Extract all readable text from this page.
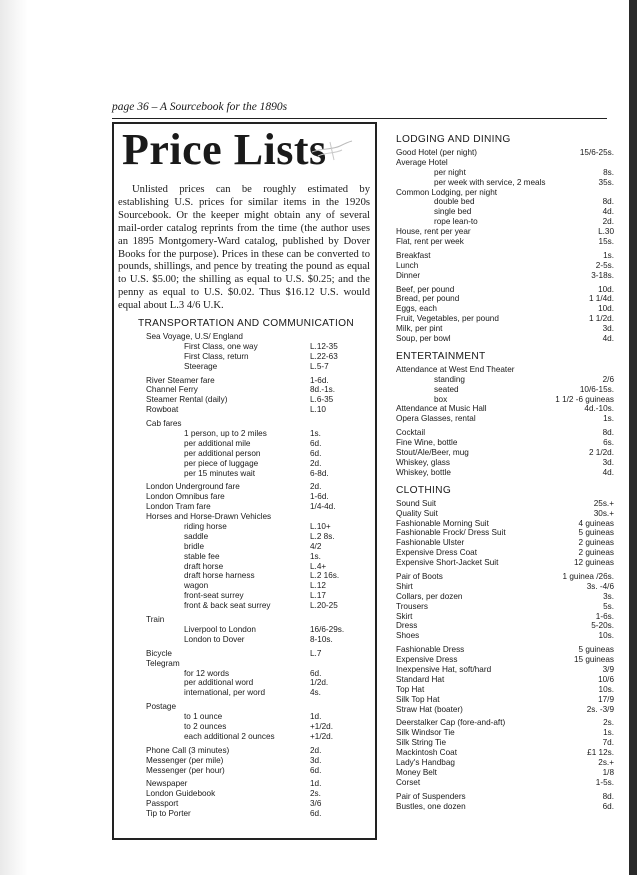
page 36 – A Sourcebook for the 1890s
Price Lists
Unlisted prices can be roughly estimated by establishing U.S. prices for similar items in the 1920s Sourcebook. Or the keeper might obtain any of several mail-order catalog reprints from the time (the author uses an 1895 Montgomery-Ward catalog, published by Dover Books for the purpose). Prices in these can be converted to pounds, shillings, and pence by treating the pound as equal to U.S. $5.00; the shilling as equal to U.S. $0.25; and the penny as equal to U.S. $0.02. Thus $16.12 U.S. would equal about L.3 4/6 U.K.
TRANSPORTATION AND COMMUNICATION
Sea Voyage, U.S/ England
First Class, one way	L.12-35
First Class, return	L.22-63
Steerage	L.5-7
River Steamer fare	1-6d.
Channel Ferry	8d.-1s.
Steamer Rental (daily)	L.6-35
Rowboat	L.10
Cab fares
1 person, up to 2 miles	1s.
per additional mile	6d.
per additional person	6d.
per piece of luggage	2d.
per 15 minutes wait	6-8d.
London Underground fare	2d.
London Omnibus fare	1-6d.
London Tram fare	1/4-4d.
Horses and Horse-Drawn Vehicles
riding horse	L.10+
saddle	L.2 8s.
bridle	4/2
stable fee	1s.
draft horse	L.4+
draft horse harness	L.2 16s.
wagon	L.12
front-seat surrey	L.17
front & back seat surrey	L.20-25
Train
Liverpool to London	16/6-29s.
London to Dover	8-10s.
Bicycle	L.7
Telegram
for 12 words	6d.
per additional word	1/2d.
international, per word	4s.
Postage
to 1 ounce	1d.
to 2 ounces	+1/2d.
each additional 2 ounces	+1/2d.
Phone Call (3 minutes)	2d.
Messenger (per mile)	3d.
Messenger (per hour)	6d.
Newspaper	1d.
London Guidebook	2s.
Passport	3/6
Tip to Porter	6d.
LODGING AND DINING
Good Hotel (per night)	15/6-25s.
Average Hotel
per night	8s.
per week with service, 2 meals	35s.
Common Lodging, per night
double bed	8d.
single bed	4d.
rope lean-to	2d.
House, rent per year	L.30
Flat, rent per week	15s.
Breakfast	1s.
Lunch	2-5s.
Dinner	3-18s.
Beef, per pound	10d.
Bread, per pound	1 1/4d.
Eggs, each	10d.
Fruit, Vegetables, per pound	1 1/2d.
Milk, per pint	3d.
Soup, per bowl	4d.
ENTERTAINMENT
Attendance at West End Theater
standing	2/6
seated	10/6-15s.
box	1 1/2 -6 guineas
Attendance at Music Hall	4d.-10s.
Opera Glasses, rental	1s.
Cocktail	8d.
Fine Wine, bottle	6s.
Stout/Ale/Beer, mug	2 1/2d.
Whiskey, glass	3d.
Whiskey, bottle	4d.
CLOTHING
Sound Suit	25s.+
Quality Suit	30s.+
Fashionable Morning Suit	4 guineas
Fashionable Frock/ Dress Suit	5 guineas
Fashionable Ulster	2 guineas
Expensive Dress Coat	2 guineas
Expensive Short-Jacket Suit	12 guineas
Pair of Boots	1 guinea /26s.
Shirt	3s. -4/6
Collars, per dozen	3s.
Trousers	5s.
Skirt	1-6s.
Dress	5-20s.
Shoes	10s.
Fashionable Dress	5 guineas
Expensive Dress	15 guineas
Inexpensive Hat, soft/hard	3/9
Standard Hat	10/6
Top Hat	10s.
Silk Top Hat	17/9
Straw Hat (boater)	2s. -3/9
Deerstalker Cap (fore-and-aft)	2s.
Silk Windsor Tie	1s.
Silk String Tie	7d.
Mackintosh Coat	£1 12s.
Lady's Handbag	2s.+
Money Belt	1/8
Corset	1-5s.
Pair of Suspenders	8d.
Bustles, one dozen	6d.
